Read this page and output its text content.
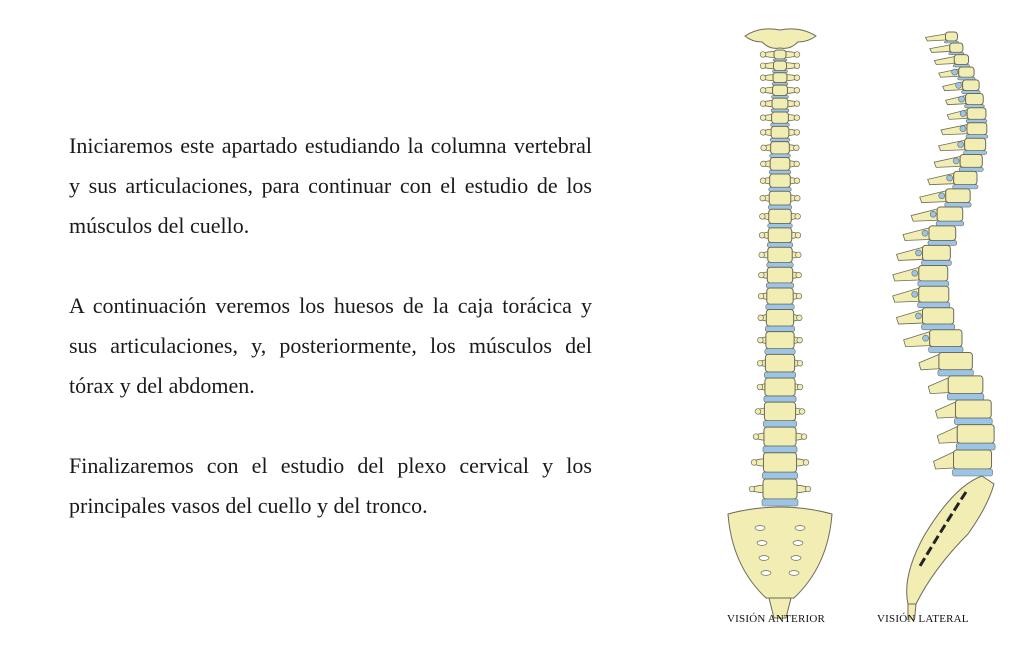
Iniciaremos este apartado estudiando la columna vertebral y sus articulaciones, para continuar con el estudio de los músculos del cuello.

A continuación veremos los huesos de la caja torácica y sus articulaciones, y, posteriormente, los músculos del tórax y del abdomen.

Finalizaremos con el estudio del plexo cervical y los principales vasos del cuello y del tronco.

VISIÓN ANTERIOR	VISIÓN LATERAL
